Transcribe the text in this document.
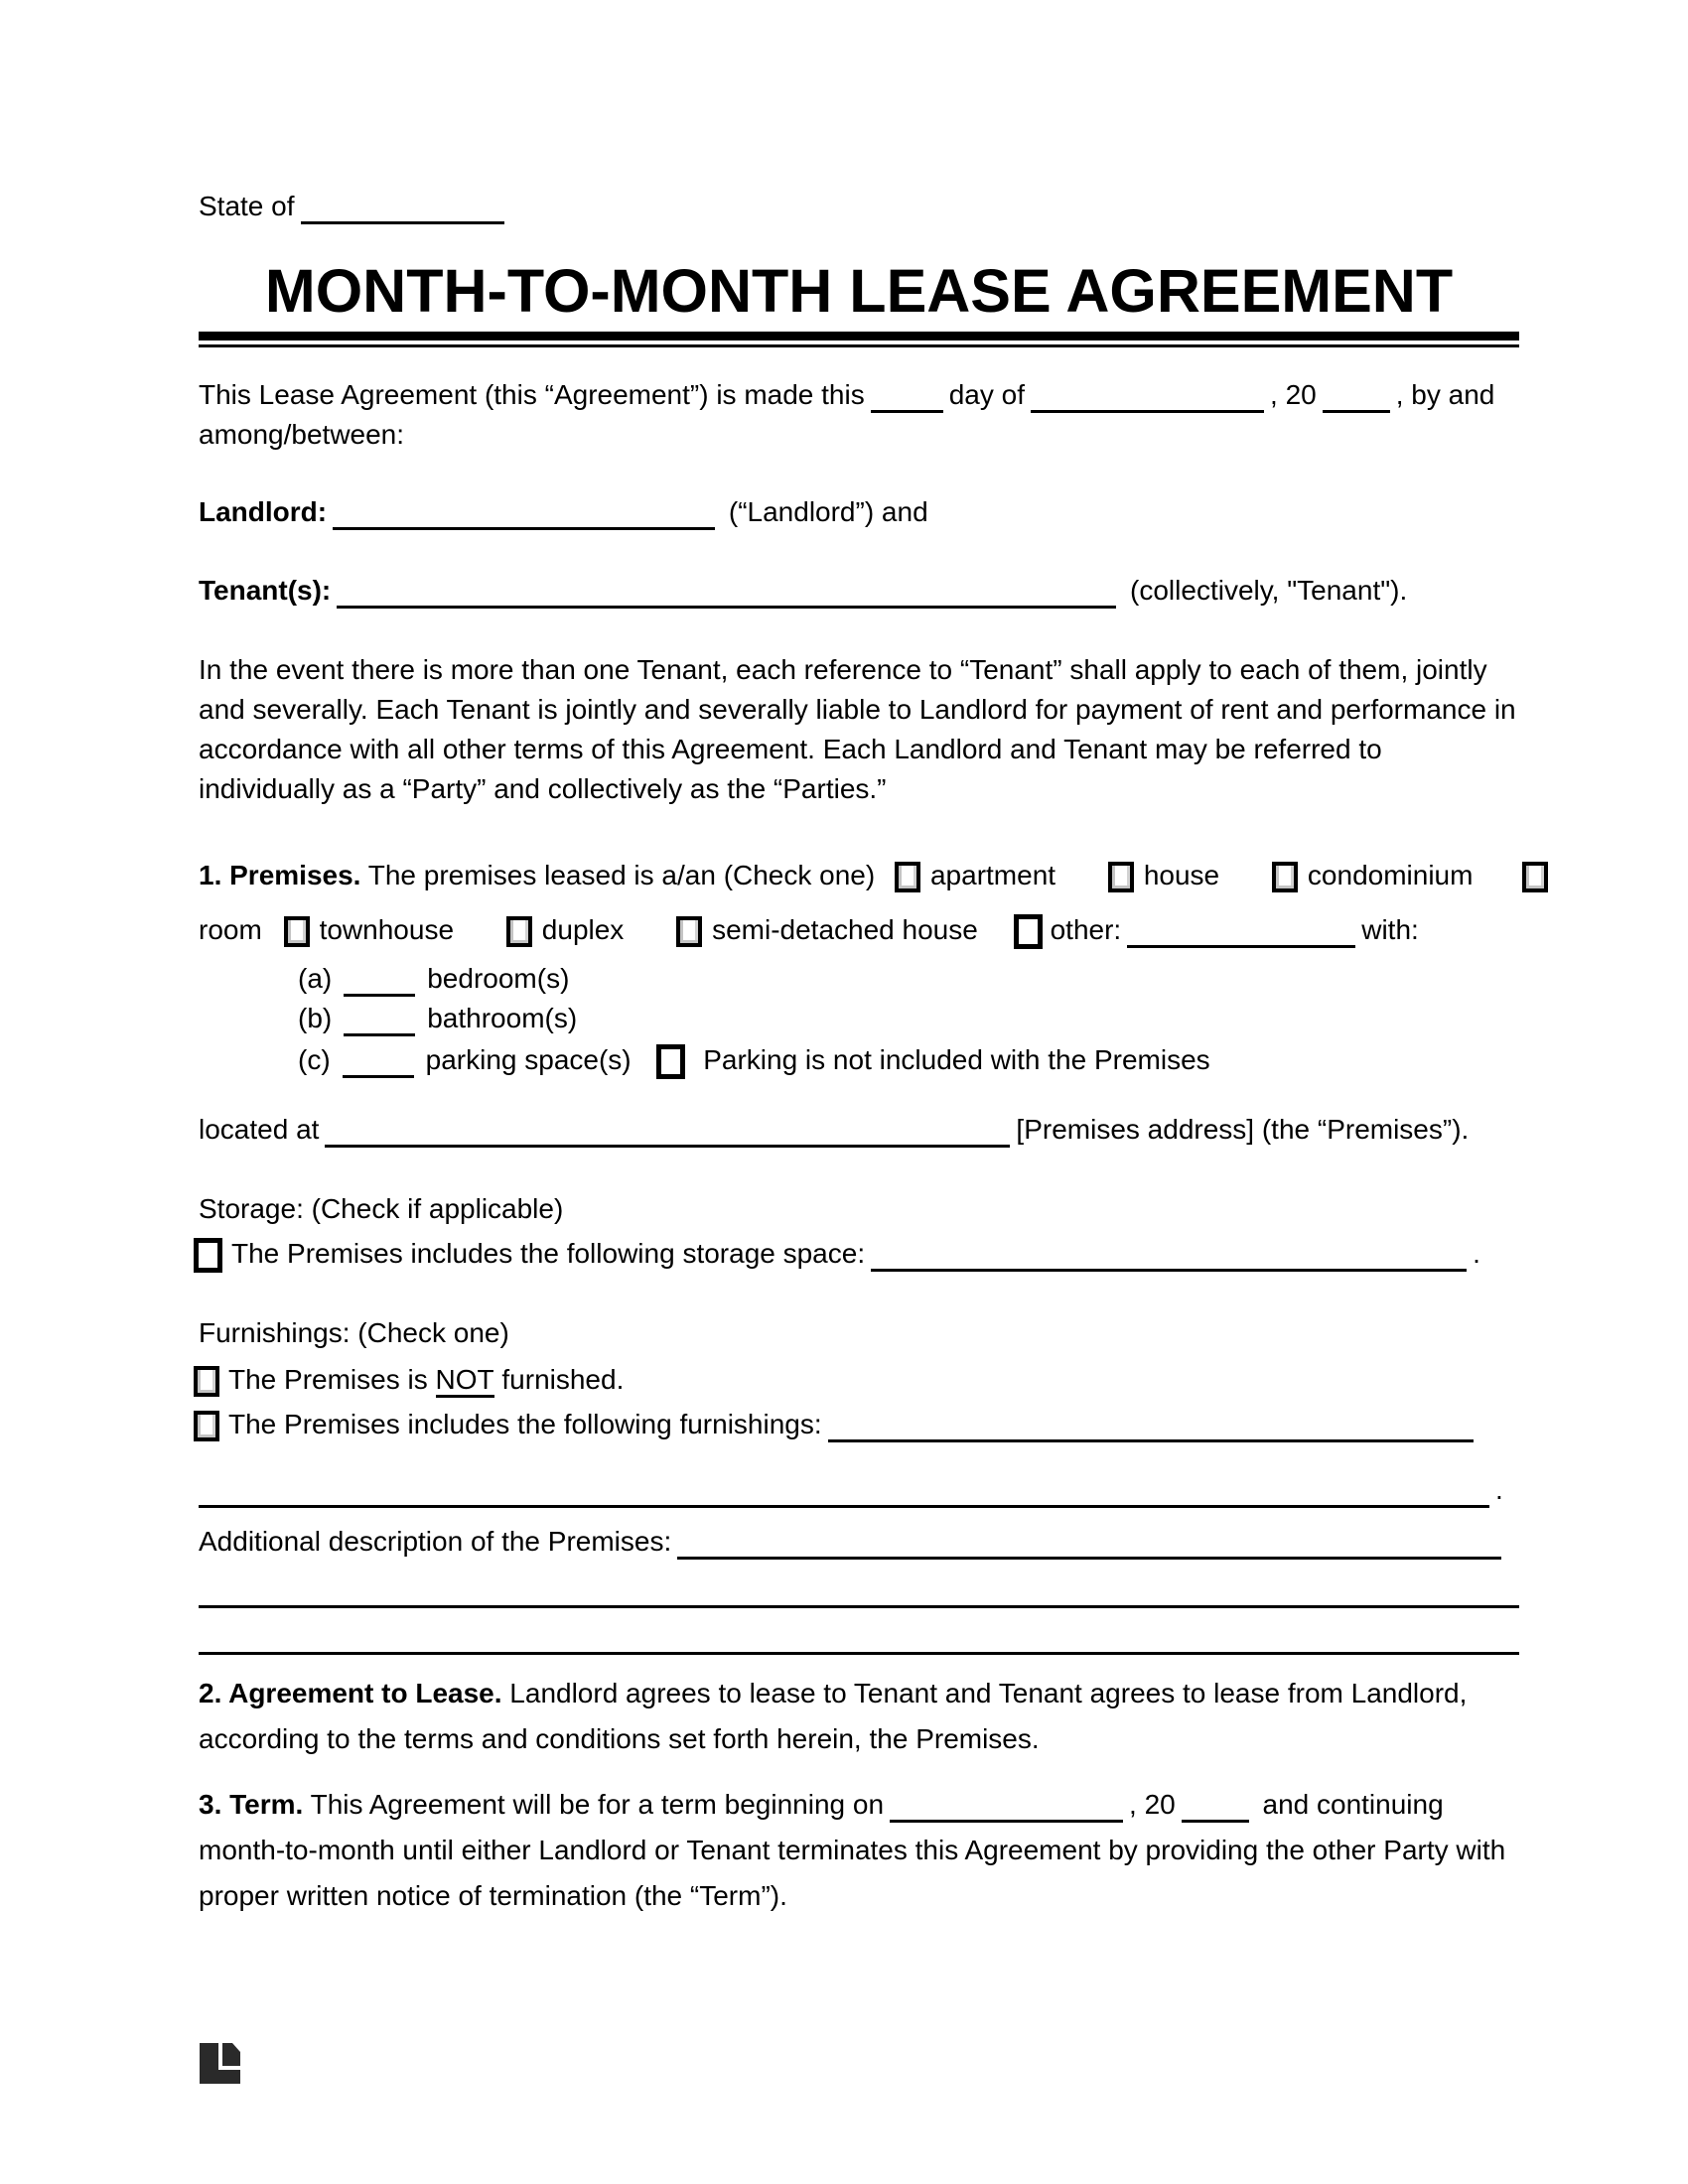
State of
MONTH-TO-MONTH LEASE AGREEMENT
This Lease Agreement (this “Agreement”) is made this	day of	, 20	, by and among/between:
Landlord:	(“Landlord”) and
Tenant(s):	(collectively, "Tenant").
In the event there is more than one Tenant, each reference to “Tenant” shall apply to each of them, jointly and severally. Each Tenant is jointly and severally liable to Landlord for payment of rent and performance in accordance with all other terms of this Agreement. Each Landlord and Tenant may be referred to individually as a “Party” and collectively as the “Parties.”
1. Premises. The premises leased is a/an (Check one) apartment	house	condominium
room townhouse	duplex	semi-detached house	other:	with:
(a)	bedroom(s)
(b)	bathroom(s)
(c)	parking space(s)	Parking is not included with the Premises
located at	[Premises address] (the “Premises”).
Storage: (Check if applicable)
The Premises includes the following storage space:	.
Furnishings: (Check one)
The Premises is NOT furnished.
The Premises includes the following furnishings:
.
Additional description of the Premises:
2. Agreement to Lease. Landlord agrees to lease to Tenant and Tenant agrees to lease from Landlord, according to the terms and conditions set forth herein, the Premises.
3. Term. This Agreement will be for a term beginning on	, 20	and continuing month-to-month until either Landlord or Tenant terminates this Agreement by providing the other Party with proper written notice of termination (the “Term”).
